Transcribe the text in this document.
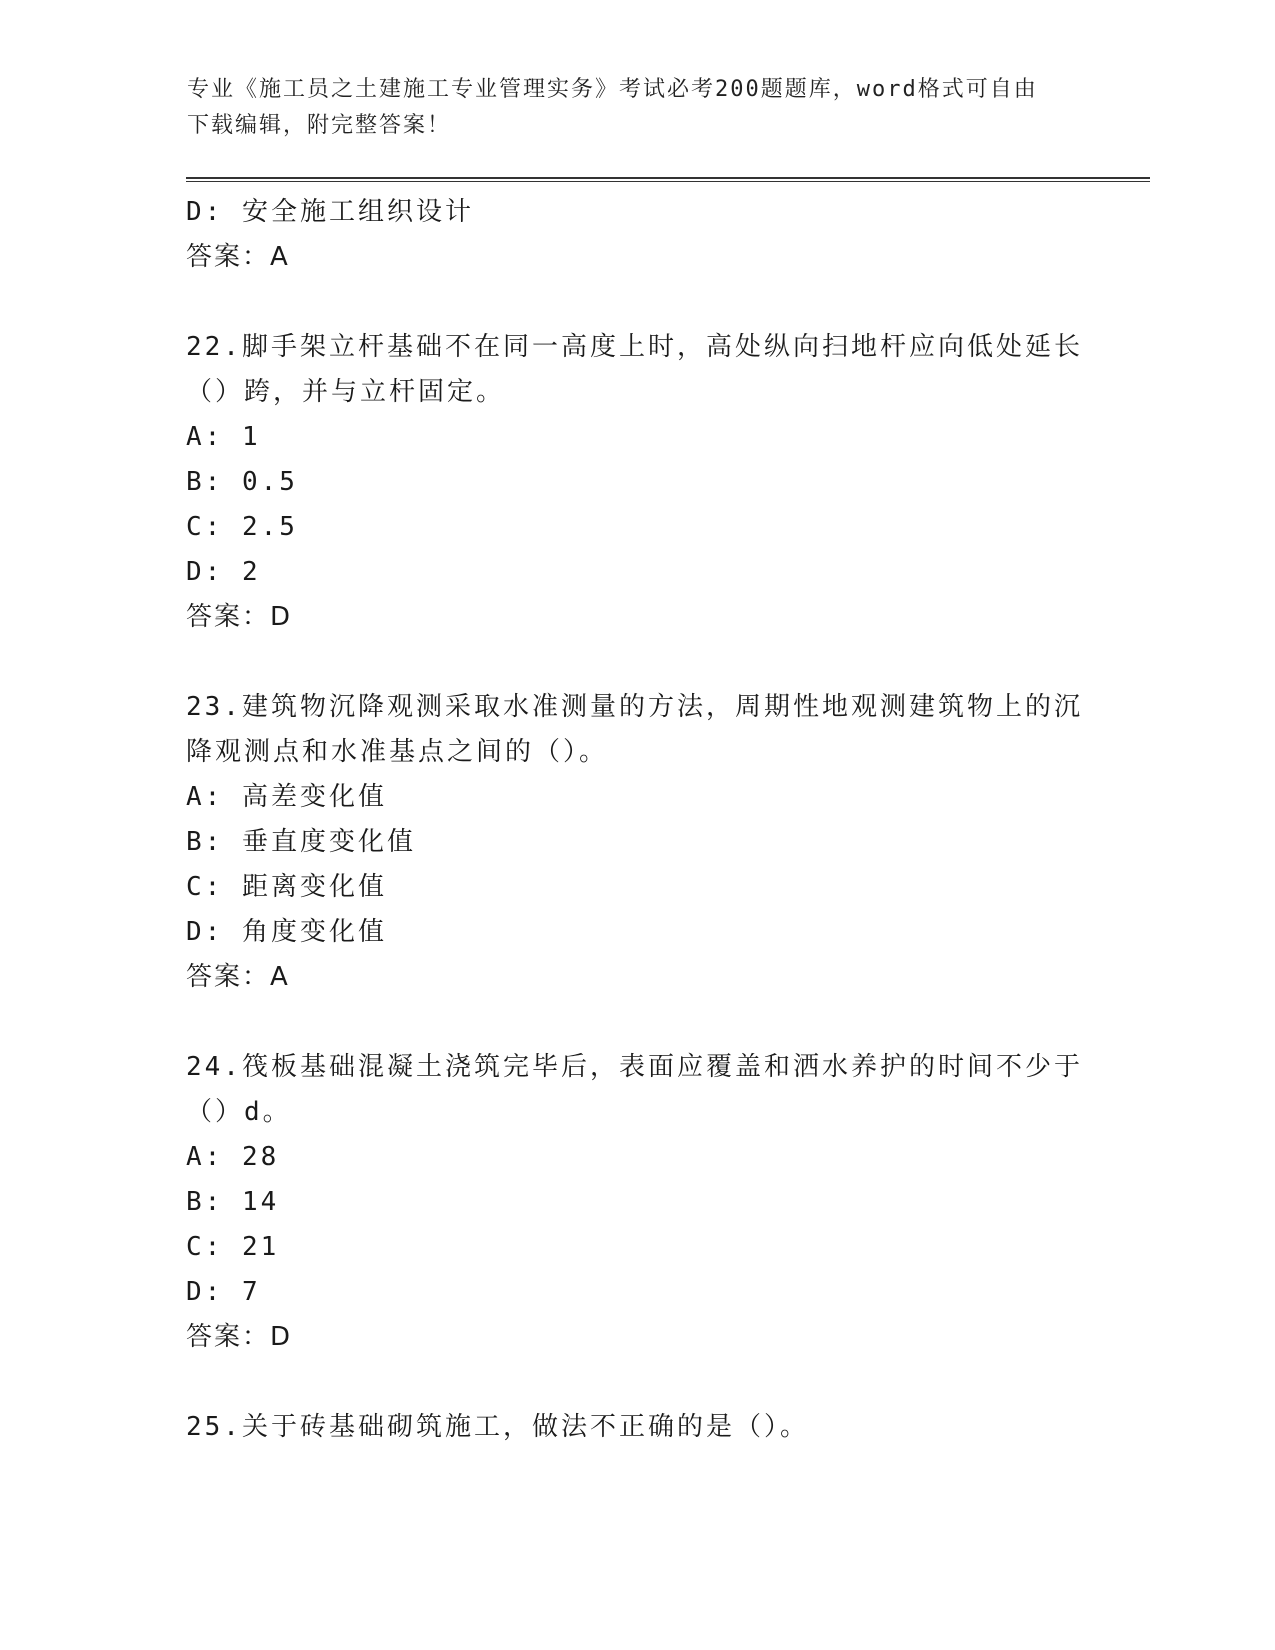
专业《施工员之土建施工专业管理实务》考试必考200题题库，word格式可自由
下载编辑，附完整答案！
D: 安全施工组织设计
答案：A
22.脚手架立杆基础不在同一高度上时，高处纵向扫地杆应向低处延长
（）跨，并与立杆固定。
A: 1
B: 0.5
C: 2.5
D: 2
答案：D
23.建筑物沉降观测采取水准测量的方法，周期性地观测建筑物上的沉
降观测点和水准基点之间的（）。
A: 高差变化值
B: 垂直度变化值
C: 距离变化值
D: 角度变化值
答案：A
24.筏板基础混凝土浇筑完毕后，表面应覆盖和洒水养护的时间不少于
（）d。
A: 28
B: 14
C: 21
D: 7
答案：D
25.关于砖基础砌筑施工，做法不正确的是（）。
